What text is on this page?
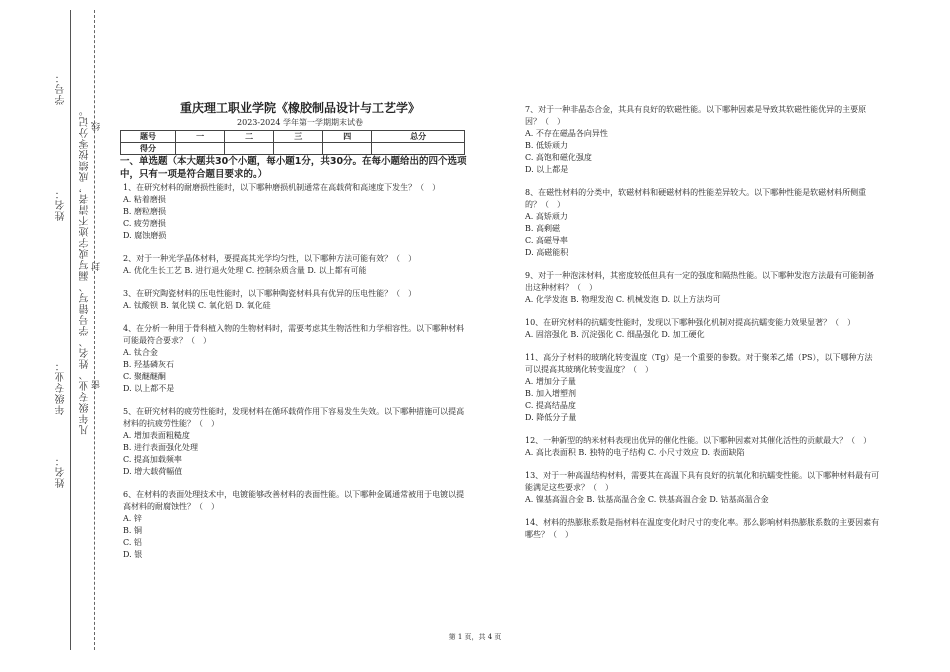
姓名：
年级专业：
姓名：
学号：
凡年级专业、姓名、学号错写、漏写或字迹不清者，成绩按零分记。 线
封
密
重庆理工职业学院《橡胶制品设计与工艺学》
2023-2024 学年第一学期期末试卷
题号	一	二	三	四	总分
得分					
一、单选题（本大题共30个小题，每小题1分，共30分。在每小题给出的四个选项中，只有一项是符合题目要求的。）

1、在研究材料的耐磨损性能时，以下哪种磨损机制通常在高载荷和高速度下发生？（　）

A. 粘着磨损

B. 磨粒磨损

C. 疲劳磨损

D. 腐蚀磨损

2、对于一种光学晶体材料，要提高其光学均匀性，以下哪种方法可能有效？（　）

A. 优化生长工艺 B. 进行退火处理 C. 控制杂质含量 D. 以上都有可能

3、在研究陶瓷材料的压电性能时，以下哪种陶瓷材料具有优异的压电性能？（　）

A. 钛酸钡 B. 氧化镁 C. 氧化铝 D. 氧化硅

4、在分析一种用于骨科植入物的生物材料时，需要考虑其生物活性和力学相容性。以下哪种材料可能最符合要求？（　）

A. 钛合金

B. 羟基磷灰石

C. 聚醚醚酮

D. 以上都不是

5、在研究材料的疲劳性能时，发现材料在循环载荷作用下容易发生失效。以下哪种措施可以提高材料的抗疲劳性能？（　）

A. 增加表面粗糙度

B. 进行表面强化处理

C. 提高加载频率

D. 增大载荷幅值

6、在材料的表面处理技术中，电镀能够改善材料的表面性能。以下哪种金属通常被用于电镀以提高材料的耐腐蚀性？（　）

A. 锌

B. 铜

C. 铝

D. 银

7、对于一种非晶态合金，其具有良好的软磁性能。以下哪种因素是导致其软磁性能优异的主要原因？（　）

A. 不存在磁晶各向异性

B. 低矫顽力

C. 高饱和磁化强度

D. 以上都是

8、在磁性材料的分类中，软磁材料和硬磁材料的性能差异较大。以下哪种性能是软磁材料所侧重的？（　）

A. 高矫顽力

B. 高剩磁

C. 高磁导率

D. 高磁能积

9、对于一种泡沫材料，其密度较低但具有一定的强度和隔热性能。以下哪种发泡方法最有可能制备出这种材料？（　）

A. 化学发泡 B. 物理发泡 C. 机械发泡 D. 以上方法均可

10、在研究材料的抗蠕变性能时，发现以下哪种强化机制对提高抗蠕变能力效果显著？（　）

A. 固溶强化 B. 沉淀强化 C. 细晶强化 D. 加工硬化

11、高分子材料的玻璃化转变温度（Tg）是一个重要的参数。对于聚苯乙烯（PS），以下哪种方法可以提高其玻璃化转变温度？（　）

A. 增加分子量

B. 加入增塑剂

C. 提高结晶度

D. 降低分子量

12、一种新型的纳米材料表现出优异的催化性能。以下哪种因素对其催化活性的贡献最大？（　）

A. 高比表面积 B. 独特的电子结构 C. 小尺寸效应 D. 表面缺陷

13、对于一种高温结构材料，需要其在高温下具有良好的抗氧化和抗蠕变性能。以下哪种材料最有可能满足这些要求？（　）

A. 镍基高温合金 B. 钛基高温合金 C. 铁基高温合金 D. 钴基高温合金

14、材料的热膨胀系数是指材料在温度变化时尺寸的变化率。那么影响材料热膨胀系数的主要因素有哪些？（　）

第 1 页，共 4 页
